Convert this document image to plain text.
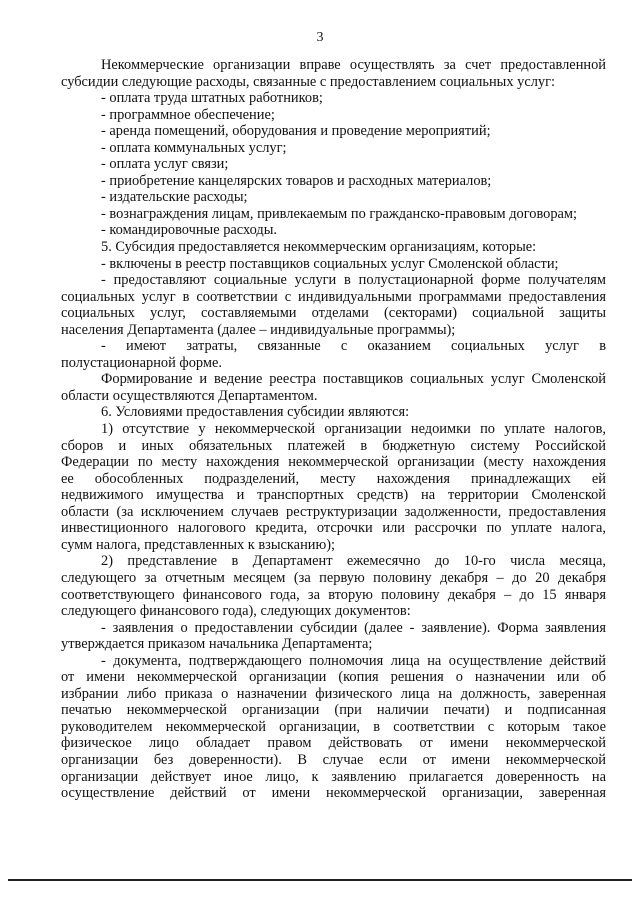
3
Некоммерческие организации вправе осуществлять за счет предоставленной
субсидии следующие расходы, связанные с предоставлением социальных услуг:
- оплата труда штатных работников;
- программное обеспечение;
- аренда помещений, оборудования и проведение мероприятий;
- оплата коммунальных услуг;
- оплата услуг связи;
- приобретение канцелярских товаров и расходных материалов;
- издательские расходы;
- вознаграждения лицам, привлекаемым по гражданско-правовым договорам;
- командировочные расходы.
5. Субсидия предоставляется некоммерческим организациям, которые:
- включены в реестр поставщиков социальных услуг Смоленской области;
- предоставляют социальные услуги в полустационарной форме получателям
социальных услуг в соответствии с индивидуальными программами предоставления
социальных услуг, составляемыми отделами (секторами) социальной защиты
населения Департамента (далее – индивидуальные программы);
- имеют затраты, связанные с оказанием социальных услуг в
полустационарной форме.
Формирование и ведение реестра поставщиков социальных услуг Смоленской
области осуществляются Департаментом.
6. Условиями предоставления субсидии являются:
1) отсутствие у некоммерческой организации недоимки по уплате налогов,
сборов и иных обязательных платежей в бюджетную систему Российской
Федерации по месту нахождения некоммерческой организации (месту нахождения
ее обособленных подразделений, месту нахождения принадлежащих ей
недвижимого имущества и транспортных средств) на территории Смоленской
области (за исключением случаев реструктуризации задолженности, предоставления
инвестиционного налогового кредита, отсрочки или рассрочки по уплате налога,
сумм налога, представленных к взысканию);
2) представление в Департамент ежемесячно до 10-го числа месяца,
следующего за отчетным месяцем (за первую половину декабря – до 20 декабря
соответствующего финансового года, за вторую половину декабря – до 15 января
следующего финансового года), следующих документов:
- заявления о предоставлении субсидии (далее - заявление). Форма заявления
утверждается приказом начальника Департамента;
- документа, подтверждающего полномочия лица на осуществление действий
от имени некоммерческой организации (копия решения о назначении или об
избрании либо приказа о назначении физического лица на должность, заверенная
печатью некоммерческой организации (при наличии печати) и подписанная
руководителем некоммерческой организации, в соответствии с которым такое
физическое лицо обладает правом действовать от имени некоммерческой
организации без доверенности). В случае если от имени некоммерческой
организации действует иное лицо, к заявлению прилагается доверенность на
осуществление действий от имени некоммерческой организации, заверенная
